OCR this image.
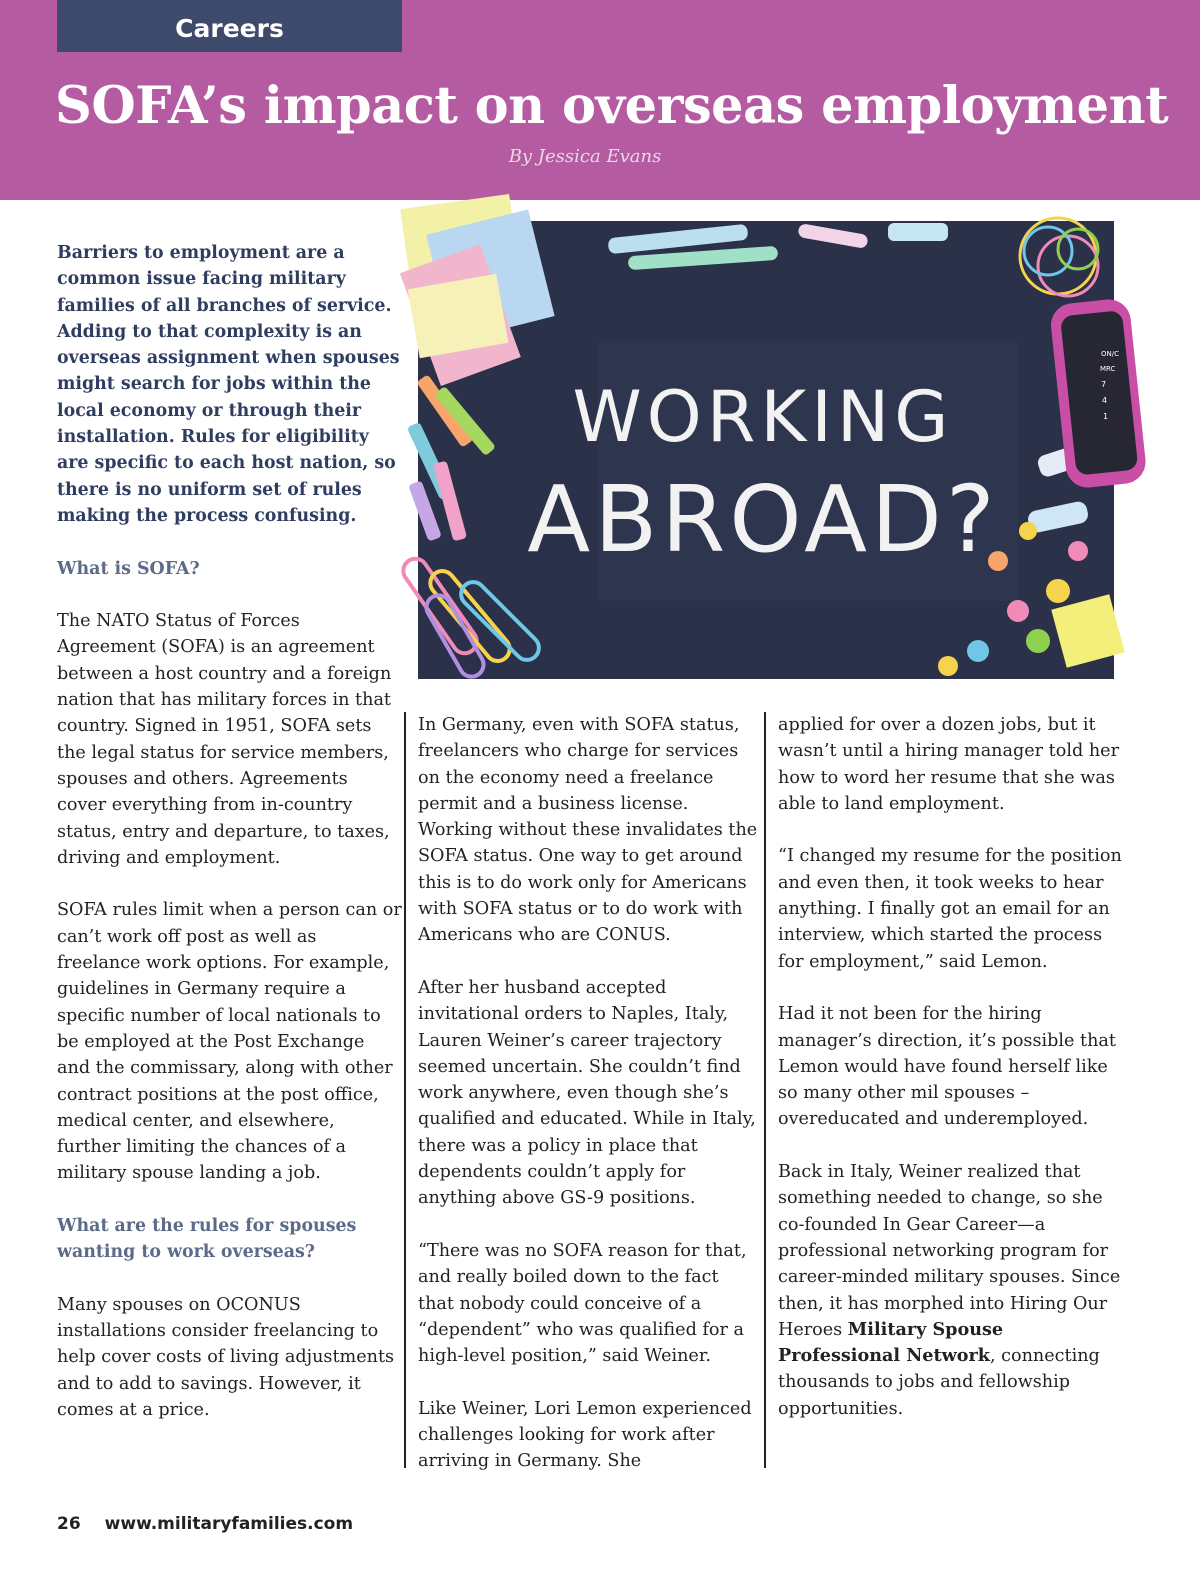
Careers
SOFA’s impact on overseas employment
By Jessica Evans
ON/C
MRC
7
4
1
WORKING
ABROAD?

Barriers to employment are a common issue facing military families of all branches of service. Adding to that complexity is an overseas assignment when spouses might search for jobs within the local economy or through their installation. Rules for eligibility are specific to each host nation, so there is no uniform set of rules making the process confusing.

What is SOFA?

The NATO Status of Forces Agreement (SOFA) is an agreement between a host country and a foreign nation that has military forces in that country. Signed in 1951, SOFA sets the legal status for service members, spouses and others. Agreements cover everything from in-country status, entry and departure, to taxes, driving and employment.

SOFA rules limit when a person can or can’t work off post as well as freelance work options. For example, guidelines in Germany require a specific number of local nationals to be employed at the Post Exchange and the commissary, along with other contract positions at the post office, medical center, and elsewhere, further limiting the chances of a military spouse landing a job.

What are the rules for spouses wanting to work overseas?

Many spouses on OCONUS installations consider freelancing to help cover costs of living adjustments and to add to savings. However, it comes at a price.

In Germany, even with SOFA status, freelancers who charge for services on the economy need a freelance permit and a business license. Working without these invalidates the SOFA status. One way to get around this is to do work only for Americans with SOFA status or to do work with Americans who are CONUS.

After her husband accepted invitational orders to Naples, Italy, Lauren Weiner’s career trajectory seemed uncertain. She couldn’t find work anywhere, even though she’s qualified and educated. While in Italy, there was a policy in place that dependents couldn’t apply for anything above GS-9 positions.

“There was no SOFA reason for that, and really boiled down to the fact that nobody could conceive of a “dependent” who was qualified for a high-level position,” said Weiner.

Like Weiner, Lori Lemon experienced challenges looking for work after arriving in Germany. She

applied for over a dozen jobs, but it wasn’t until a hiring manager told her how to word her resume that she was able to land employment.

“I changed my resume for the position and even then, it took weeks to hear anything. I finally got an email for an interview, which started the process for employment,” said Lemon.

Had it not been for the hiring manager’s direction, it’s possible that Lemon would have found herself like so many other mil spouses – overeducated and underemployed.

Back in Italy, Weiner realized that something needed to change, so she co-founded In Gear Career—a professional networking program for career-minded military spouses. Since then, it has morphed into Hiring Our Heroes Military Spouse Professional Network, connecting thousands to jobs and fellowship opportunities.

26 www.militaryfamilies.com
